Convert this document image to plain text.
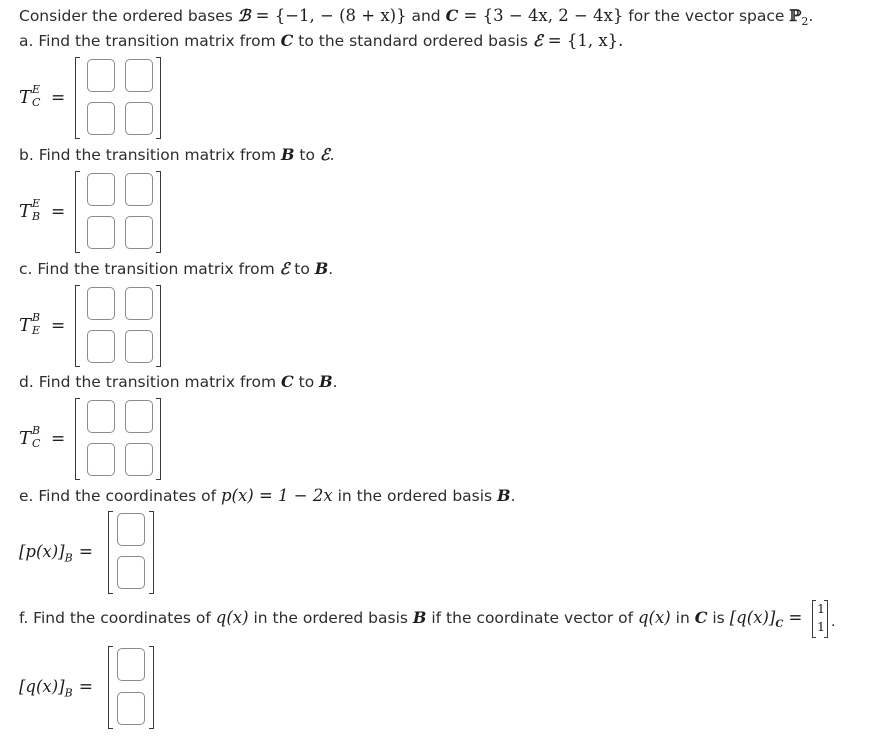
Consider the ordered bases ℬ = {−1, − (8 + x)} and C = {3 − 4x, 2 − 4x} for the vector space ℙ$_2$.
a. Find the transition matrix from C to the standard ordered basis ℰ = {1, x}.
T E
C =
b. Find the transition matrix from B to ℰ.
T E
B =
c. Find the transition matrix from ℰ to B.
T B
E =
d. Find the transition matrix from C to B.
T B
C =
e. Find the coordinates of p(x) = 1 − 2x in the ordered basis B.
$[p(x)]_B$ =
f. Find the coordinates of q(x) in the ordered basis B if the coordinate vector of q(x) in C is $[q(x)]_C = 1$
1 .
$[q(x)]_B$ =
